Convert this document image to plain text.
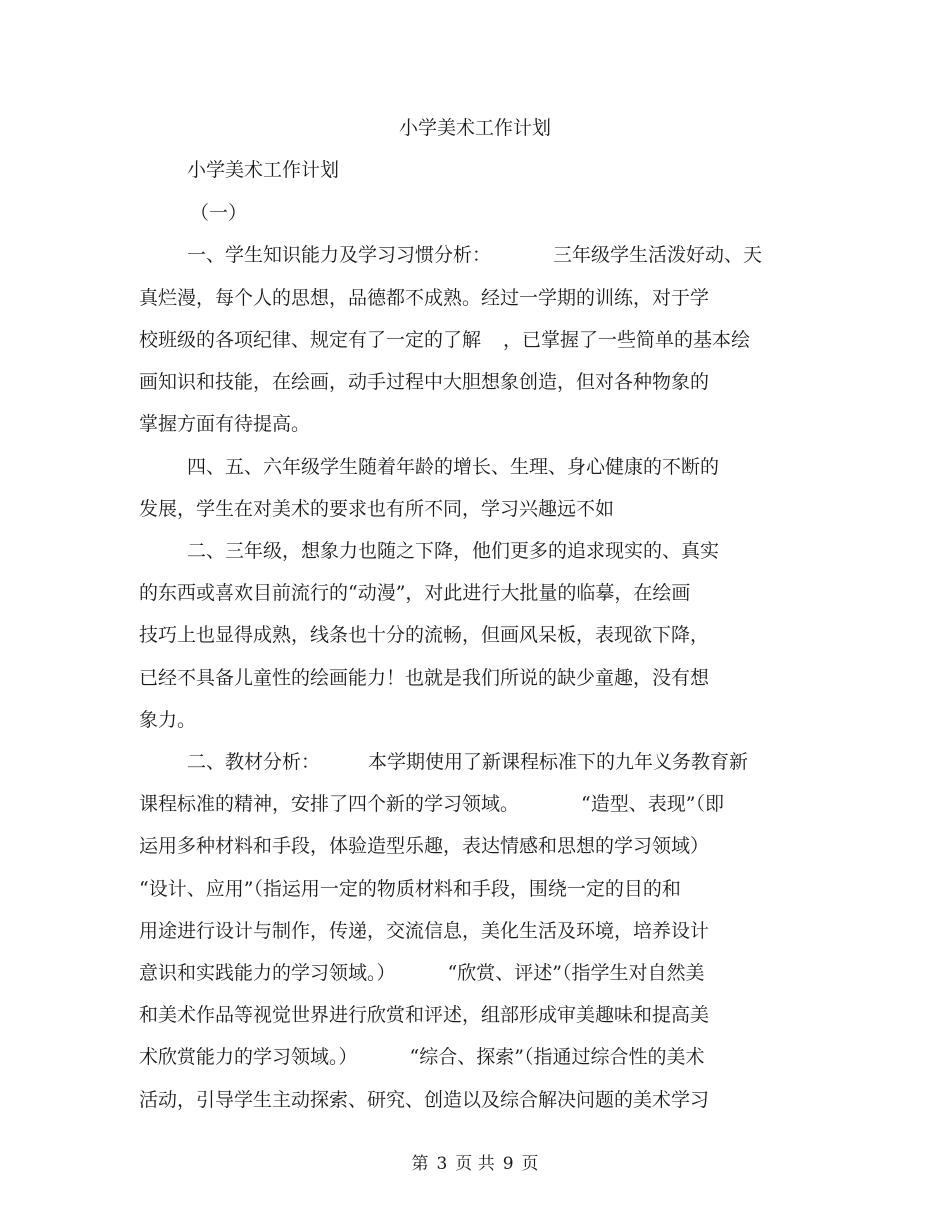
小学美术工作计划
小学美术工作计划
（一）
一、学生知识能力及学习习惯分析：	三年级学生活泼好动、天
真烂漫，每个人的思想，品德都不成熟。经过一学期的训练，对于学
校班级的各项纪律、规定有了一定的了解 ，已掌握了一些简单的基本绘
画知识和技能，在绘画，动手过程中大胆想象创造，但对各种物象的
掌握方面有待提高。
四、五、六年级学生随着年龄的增长、生理、身心健康的不断的
发展，学生在对美术的要求也有所不同，学习兴趣远不如
二、三年级，想象力也随之下降，他们更多的追求现实的、真实
的东西或喜欢目前流行的“动漫”，对此进行大批量的临摹，在绘画
技巧上也显得成熟，线条也十分的流畅，但画风呆板，表现欲下降，
已经不具备儿童性的绘画能力！也就是我们所说的缺少童趣，没有想
象力。
二、教材分析：	本学期使用了新课程标准下的九年义务教育新
课程标准的精神，安排了四个新的学习领域。	“造型、表现”（即
运用多种材料和手段，体验造型乐趣，表达情感和思想的学习领域）
“设计、应用”（指运用一定的物质材料和手段，围绕一定的目的和
用途进行设计与制作，传递，交流信息，美化生活及环境，培养设计
意识和实践能力的学习领域。）	“欣赏、评述”（指学生对自然美
和美术作品等视觉世界进行欣赏和评述，组部形成审美趣味和提高美
术欣赏能力的学习领域。）	“综合、探索”（指通过综合性的美术
活动，引导学生主动探索、研究、创造以及综合解决问题的美术学习
第 3 页 共 9 页
